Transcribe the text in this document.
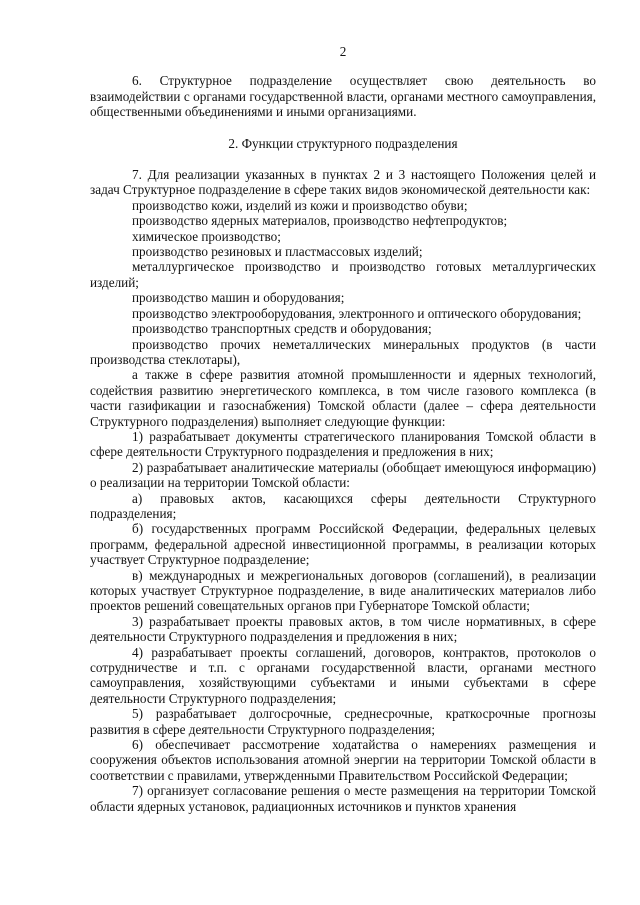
2

6. Структурное подразделение осуществляет свою деятельность во взаимодействии с органами государственной власти, органами местного самоуправления, общественными объединениями и иными организациями.

2. Функции структурного подразделения

7. Для реализации указанных в пунктах 2 и 3 настоящего Положения целей и задач Структурное подразделение в сфере таких видов экономической деятельности как:

производство кожи, изделий из кожи и производство обуви;

производство ядерных материалов, производство нефтепродуктов;

химическое производство;

производство резиновых и пластмассовых изделий;

металлургическое производство и производство готовых металлургических изделий;

производство машин и оборудования;

производство электрооборудования, электронного и оптического оборудования;

производство транспортных средств и оборудования;

производство прочих неметаллических минеральных продуктов (в части производства стеклотары),

а также в сфере развития атомной промышленности и ядерных технологий, содействия развитию энергетического комплекса, в том числе газового комплекса (в части газификации и газоснабжения) Томской области (далее – сфера деятельности Структурного подразделения) выполняет следующие функции:

1) разрабатывает документы стратегического планирования Томской области в сфере деятельности Структурного подразделения и предложения в них;

2) разрабатывает аналитические материалы (обобщает имеющуюся информацию) о реализации на территории Томской области:

а) правовых актов, касающихся сферы деятельности Структурного подразделения;

б) государственных программ Российской Федерации, федеральных целевых программ, федеральной адресной инвестиционной программы, в реализации которых участвует Структурное подразделение;

в) международных и межрегиональных договоров (соглашений), в реализации которых участвует Структурное подразделение, в виде аналитических материалов либо проектов решений совещательных органов при Губернаторе Томской области;

3) разрабатывает проекты правовых актов, в том числе нормативных, в сфере деятельности Структурного подразделения и предложения в них;

4) разрабатывает проекты соглашений, договоров, контрактов, протоколов о сотрудничестве и т.п. с органами государственной власти, органами местного самоуправления, хозяйствующими субъектами и иными субъектами в сфере деятельности Структурного подразделения;

5) разрабатывает долгосрочные, среднесрочные, краткосрочные прогнозы развития в сфере деятельности Структурного подразделения;

6) обеспечивает рассмотрение ходатайства о намерениях размещения и сооружения объектов использования атомной энергии на территории Томской области в соответствии с правилами, утвержденными Правительством Российской Федерации;

7) организует согласование решения о месте размещения на территории Томской области ядерных установок, радиационных источников и пунктов хранения
